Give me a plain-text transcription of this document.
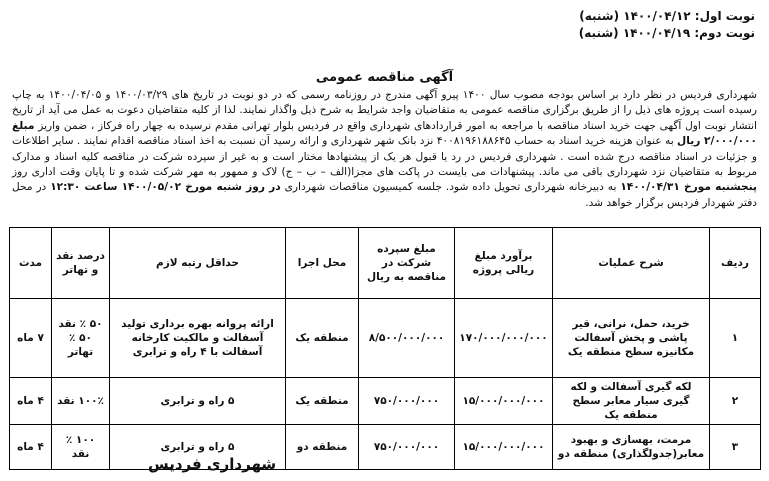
نوبت اول: ۱۴۰۰/۰۴/۱۲ (شنبه)
نوبت دوم: ۱۴۰۰/۰۴/۱۹ (شنبه)
آگهی مناقصه عمومی
شهرداری فردیس در نظر دارد بر اساس بودجه مصوب سال ۱۴۰۰ پیرو آگهی مندرج در روزنامه رسمی که در دو نوبت در تاریخ های ۱۴۰۰/۰۳/۲۹ و ۱۴۰۰/۰۴/۰۵ به چاپ رسیده است پروژه های ذیل را از طریق برگزاری مناقصه عمومی به متقاضیان واجد شرایط به شرح ذیل واگذار نمایند. لذا از کلیه متقاضیان دعوت به عمل می آید از تاریخ انتشار نوبت اول آگهی جهت خرید اسناد مناقصه با مراجعه به امور قراردادهای شهرداری واقع در فردیس بلوار تهرانی مقدم نرسیده به چهار راه فرکاز ، ضمن واریز مبلغ ۲/۰۰۰/۰۰۰ ریال به عنوان هزینه خرید اسناد به حساب ۴۰۰۸۱۹۶۱۸۸۶۴۵ نزد بانک شهر شهرداری و ارائه رسید آن نسبت به اخذ اسناد مناقصه اقدام نمایند . سایر اطلاعات و جزئیات در اسناد مناقصه درج شده است . شهرداری فردیس در رد یا قبول هر یک از پیشنهادها مختار است و به غیر از سپرده شرکت در مناقصه کلیه اسناد و مدارک مربوط به متقاضیان نزد شهرداری باقی می ماند. پیشنهادات می بایست در پاکت های مجزا(الف – ب – ج) لاک و ممهور به مهر شرکت شده و تا پایان وقت اداری روز پنجشنبه مورخ ۱۴۰۰/۰۴/۳۱ به دبیرخانه شهرداری تحویل داده شود. جلسه کمیسیون مناقصات شهرداری در روز شنبه مورخ ۱۴۰۰/۰۵/۰۲ ساعت ۱۲:۳۰ در محل دفتر شهردار فردیس برگزار خواهد شد.
ردیف	شرح عملیات	برآورد مبلغ ریالی پروژه	مبلغ سپرده شرکت در مناقصه به ریال	محل اجرا	حداقل رتبه لازم	درصد نقد و تهاتر	مدت
۱	خرید، حمل، نرانی، قیر پاشی و پخش آسفالت مکانیزه سطح منطقه یک	۱۷۰/۰۰۰/۰۰۰/۰۰۰	۸/۵۰۰/۰۰۰/۰۰۰	منطقه یک	ارائه پروانه بهره برداری تولید آسفالت و مالکیت کارخانه آسفالت با ۴ راه و ترابری	۵۰ ٪ نقد ۵۰ ٪ تهاتر	۷ ماه
۲	لکه گیری آسفالت و لکه گیری سیار معابر سطح منطقه یک	۱۵/۰۰۰/۰۰۰/۰۰۰	۷۵۰/۰۰۰/۰۰۰	منطقه یک	۵ راه و ترابری	۱۰۰٪ نقد	۴ ماه
۳	مرمت، بهسازی و بهبود معابر(جدولگذاری) منطقه دو	۱۵/۰۰۰/۰۰۰/۰۰۰	۷۵۰/۰۰۰/۰۰۰	منطقه دو	۵ راه و ترابری	۱۰۰ ٪ نقد	۴ ماه
شهرداری فردیس
